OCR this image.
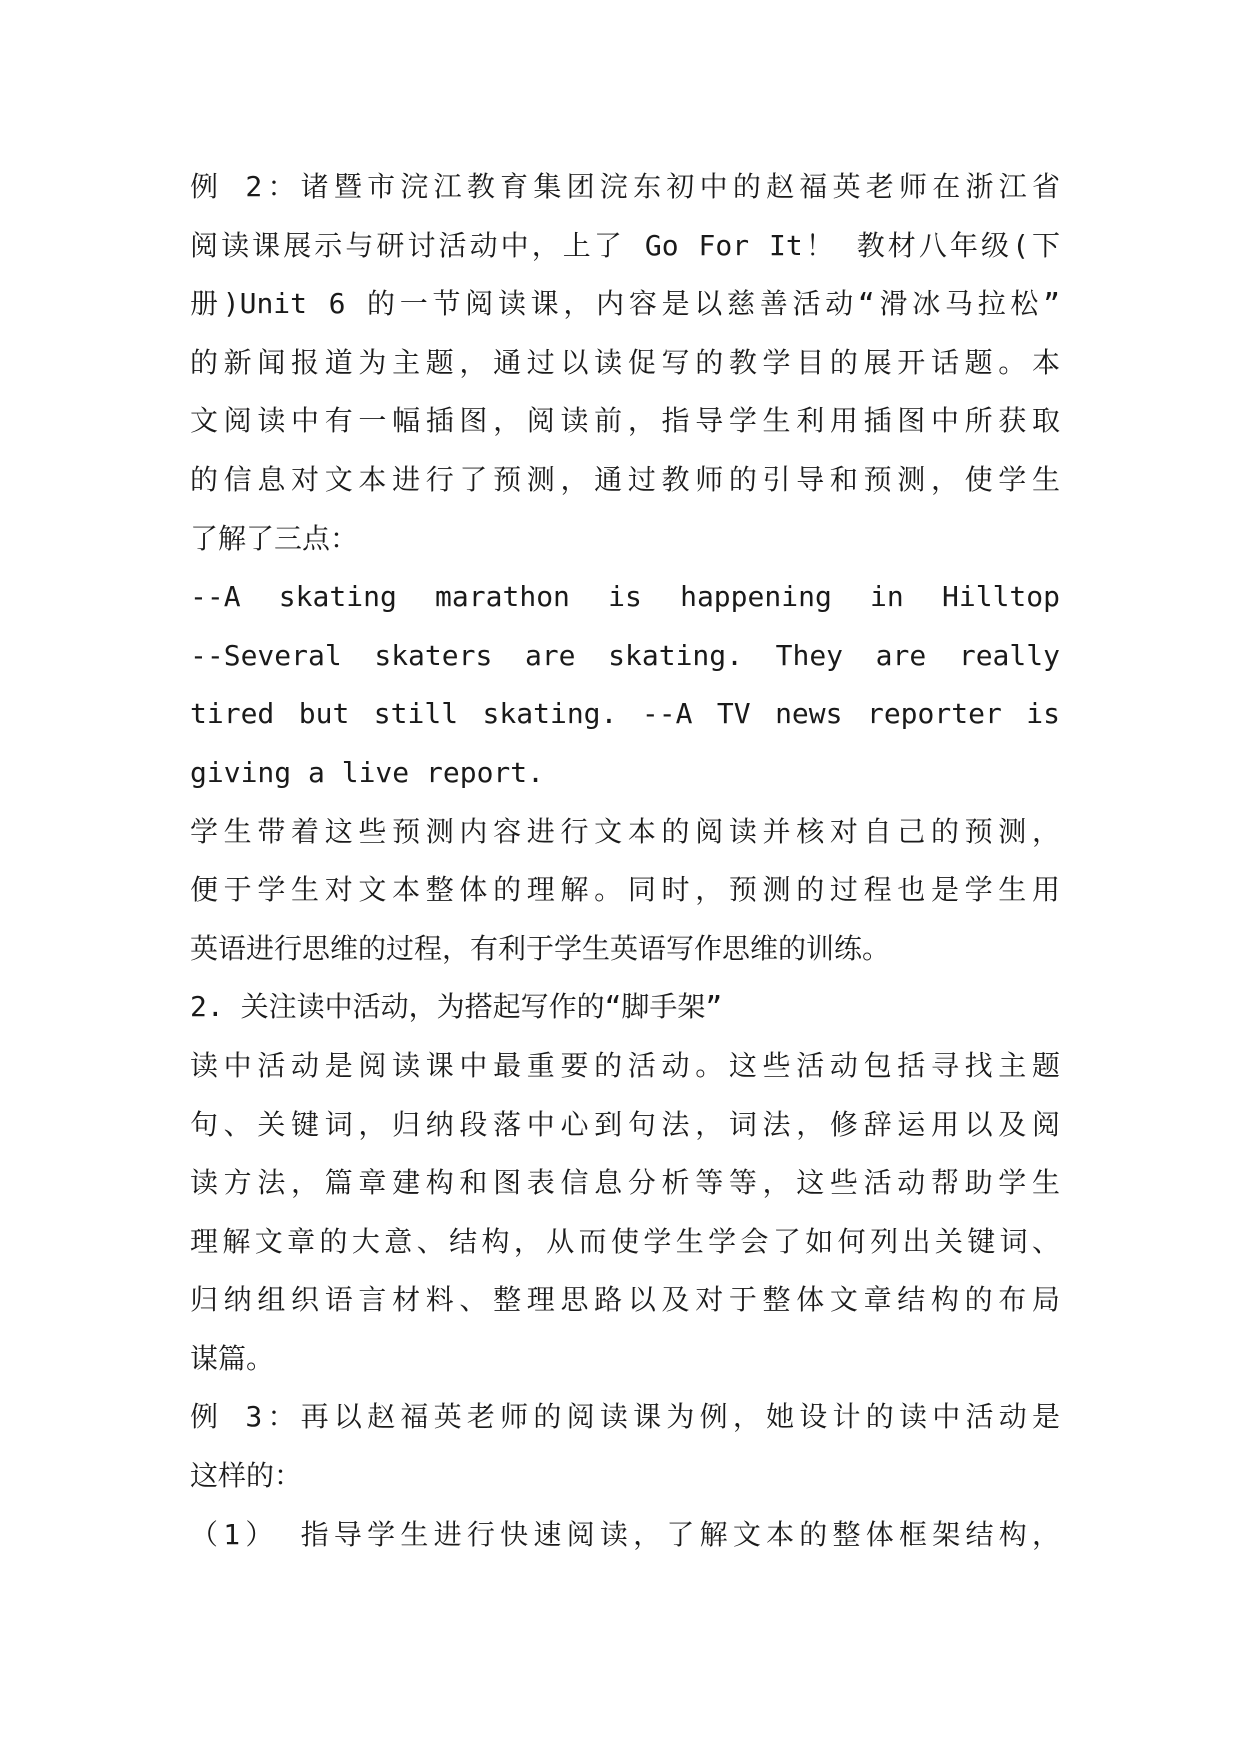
例 2：诸暨市浣江教育集团浣东初中的赵福英老师在浙江省
阅读课展示与研讨活动中，上了 Go For It！ 教材八年级(下
册)Unit 6 的一节阅读课，内容是以慈善活动“滑冰马拉松”
的新闻报道为主题，通过以读促写的教学目的展开话题。本
文阅读中有一幅插图，阅读前，指导学生利用插图中所获取
的信息对文本进行了预测，通过教师的引导和预测，使学生
了解了三点：
--A skating marathon is happening in Hilltop
--Several skaters are skating. They are really
tired but still skating. --A TV news reporter is
giving a live report.
学生带着这些预测内容进行文本的阅读并核对自己的预测，
便于学生对文本整体的理解。同时，预测的过程也是学生用
英语进行思维的过程，有利于学生英语写作思维的训练。
2. 关注读中活动，为搭起写作的“脚手架”
读中活动是阅读课中最重要的活动。这些活动包括寻找主题
句、关键词，归纳段落中心到句法，词法，修辞运用以及阅
读方法，篇章建构和图表信息分析等等，这些活动帮助学生
理解文章的大意、结构，从而使学生学会了如何列出关键词、
归纳组织语言材料、整理思路以及对于整体文章结构的布局
谋篇。
例 3：再以赵福英老师的阅读课为例，她设计的读中活动是
这样的：
（1） 指导学生进行快速阅读，了解文本的整体框架结构，
